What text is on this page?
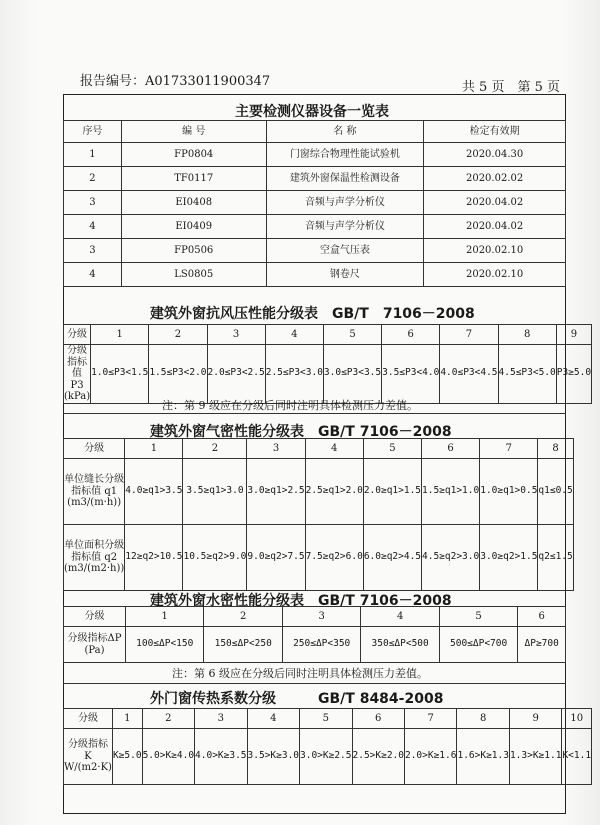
报告编号：A01733011900347	共 5 页　第 5 页
主要检测仪器设备一览表
序号	编 号	名 称	检定有效期
1	FP0804	门窗综合物理性能试验机	2020.04.30
2	TF0117	建筑外窗保温性检测设备	2020.02.02
3	EI0408	音频与声学分析仪	2020.04.02
4	EI0409	音频与声学分析仪	2020.04.02
3	FP0506	空盒气压表	2020.02.10
4	LS0805	钢卷尺	2020.02.10
建筑外窗抗风压性能分级表　GB/T　7106－2008
分级	1	2	3	4	5	6	7	8	9
分级指标值 P3 (kPa)	1.0≤P3<1.5	1.5≤P3<2.0	2.0≤P3<2.5	2.5≤P3<3.0	3.0≤P3<3.5	3.5≤P3<4.0	4.0≤P3<4.5	4.5≤P3<5.0	P3≥5.0
注：第 9 级应在分级后同时注明具体检测压力差值。
建筑外窗气密性能分级表　GB/T 7106－2008
分级	1	2	3	4	5	6	7	8
单位缝长分级指标值 q1 (m3/(m·h))	4.0≥q1>3.5	3.5≥q1>3.0	3.0≥q1>2.5	2.5≥q1>2.0	2.0≥q1>1.5	1.5≥q1>1.0	1.0≥q1>0.5	q1≤0.5
单位面积分级指标值 q2 (m3/(m2·h))	12≥q2>10.5	10.5≥q2>9.0	9.0≥q2>7.5	7.5≥q2>6.0	6.0≥q2>4.5	4.5≥q2>3.0	3.0≥q2>1.5	q2≤1.5
建筑外窗水密性能分级表　GB/T 7106－2008
分级	1	2	3	4	5	6
分级指标ΔP (Pa)	100≤ΔP<150	150≤ΔP<250	250≤ΔP<350	350≤ΔP<500	500≤ΔP<700	ΔP≥700
注：第 6 级应在分级后同时注明具体检测压力差值。
外门窗传热系数分级　　　GB/T 8484-2008
分级	1	2	3	4	5	6	7	8	9	10
分级指标 K W/(m2·K)	K≥5.0	5.0>K≥4.0	4.0>K≥3.5	3.5>K≥3.0	3.0>K≥2.5	2.5>K≥2.0	2.0>K≥1.6	1.6>K≥1.3	1.3>K≥1.1	K<1.1
